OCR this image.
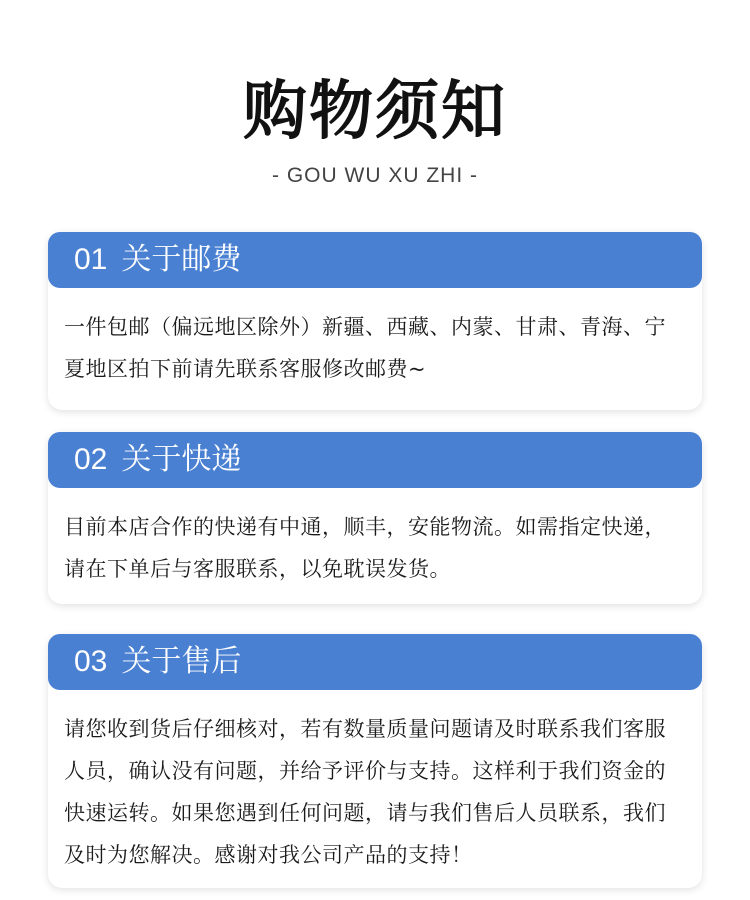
购物须知
- GOU WU XU ZHI -
01 关于邮费
一件包邮（偏远地区除外）新疆、西藏、内蒙、甘肃、青海、宁夏地区拍下前请先联系客服修改邮费~
02 关于快递
目前本店合作的快递有中通，顺丰，安能物流。如需指定快递，请在下单后与客服联系，以免耽误发货。
03 关于售后
请您收到货后仔细核对，若有数量质量问题请及时联系我们客服人员，确认没有问题，并给予评价与支持。这样利于我们资金的快速运转。如果您遇到任何问题，请与我们售后人员联系，我们及时为您解决。感谢对我公司产品的支持！
